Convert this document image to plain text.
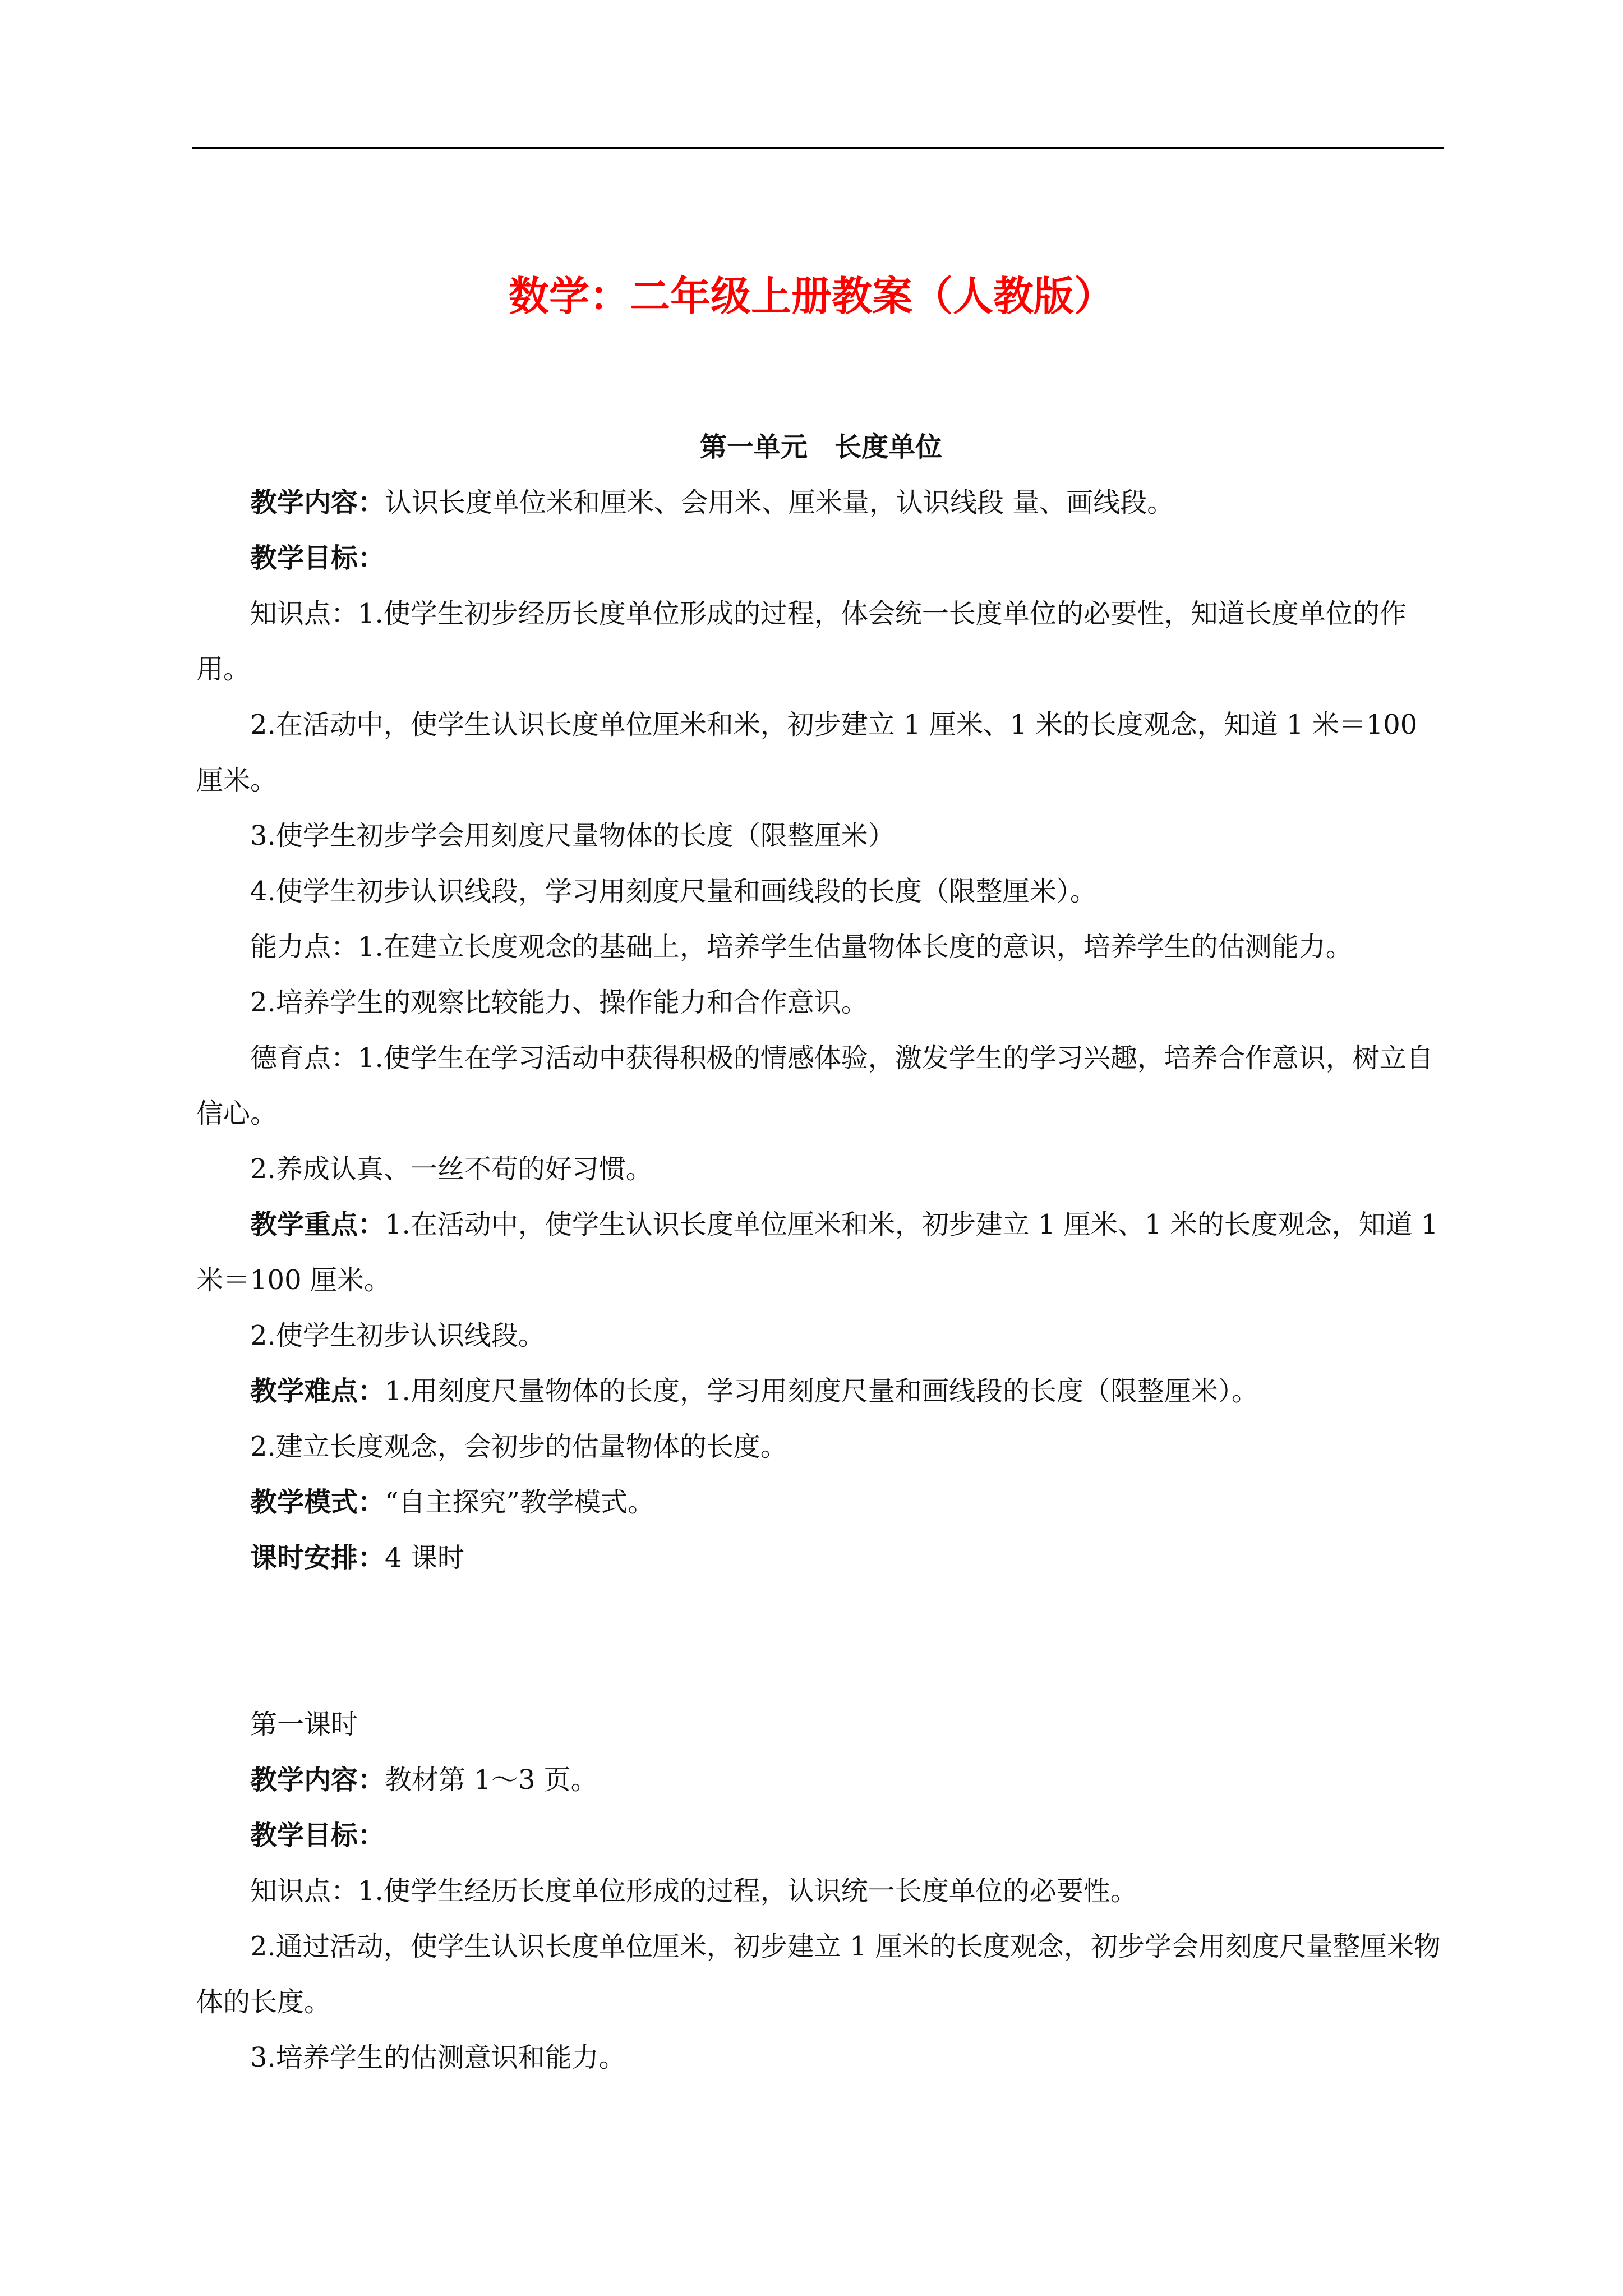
数学：二年级上册教案（人教版）

第一单元　长度单位

教学内容：认识长度单位米和厘米、会用米、厘米量，认识线段 量、画线段。

教学目标：

知识点：1.使学生初步经历长度单位形成的过程，体会统一长度单位的必要性，知道长度单位的作用。

2.在活动中，使学生认识长度单位厘米和米，初步建立 1 厘米、1 米的长度观念，知道 1 米＝100 厘米。

3.使学生初步学会用刻度尺量物体的长度（限整厘米）

4.使学生初步认识线段，学习用刻度尺量和画线段的长度（限整厘米）。

能力点：1.在建立长度观念的基础上，培养学生估量物体长度的意识，培养学生的估测能力。

2.培养学生的观察比较能力、操作能力和合作意识。

德育点：1.使学生在学习活动中获得积极的情感体验，激发学生的学习兴趣，培养合作意识，树立自信心。

2.养成认真、一丝不苟的好习惯。

教学重点：1.在活动中，使学生认识长度单位厘米和米，初步建立 1 厘米、1 米的长度观念，知道 1 米＝100 厘米。

2.使学生初步认识线段。

教学难点：1.用刻度尺量物体的长度，学习用刻度尺量和画线段的长度（限整厘米）。

2.建立长度观念，会初步的估量物体的长度。

教学模式：“自主探究”教学模式。

课时安排：4 课时

第一课时

教学内容：教材第 1～3 页。

教学目标：

知识点：1.使学生经历长度单位形成的过程，认识统一长度单位的必要性。

2.通过活动，使学生认识长度单位厘米，初步建立 1 厘米的长度观念，初步学会用刻度尺量整厘米物体的长度。

3.培养学生的估测意识和能力。
